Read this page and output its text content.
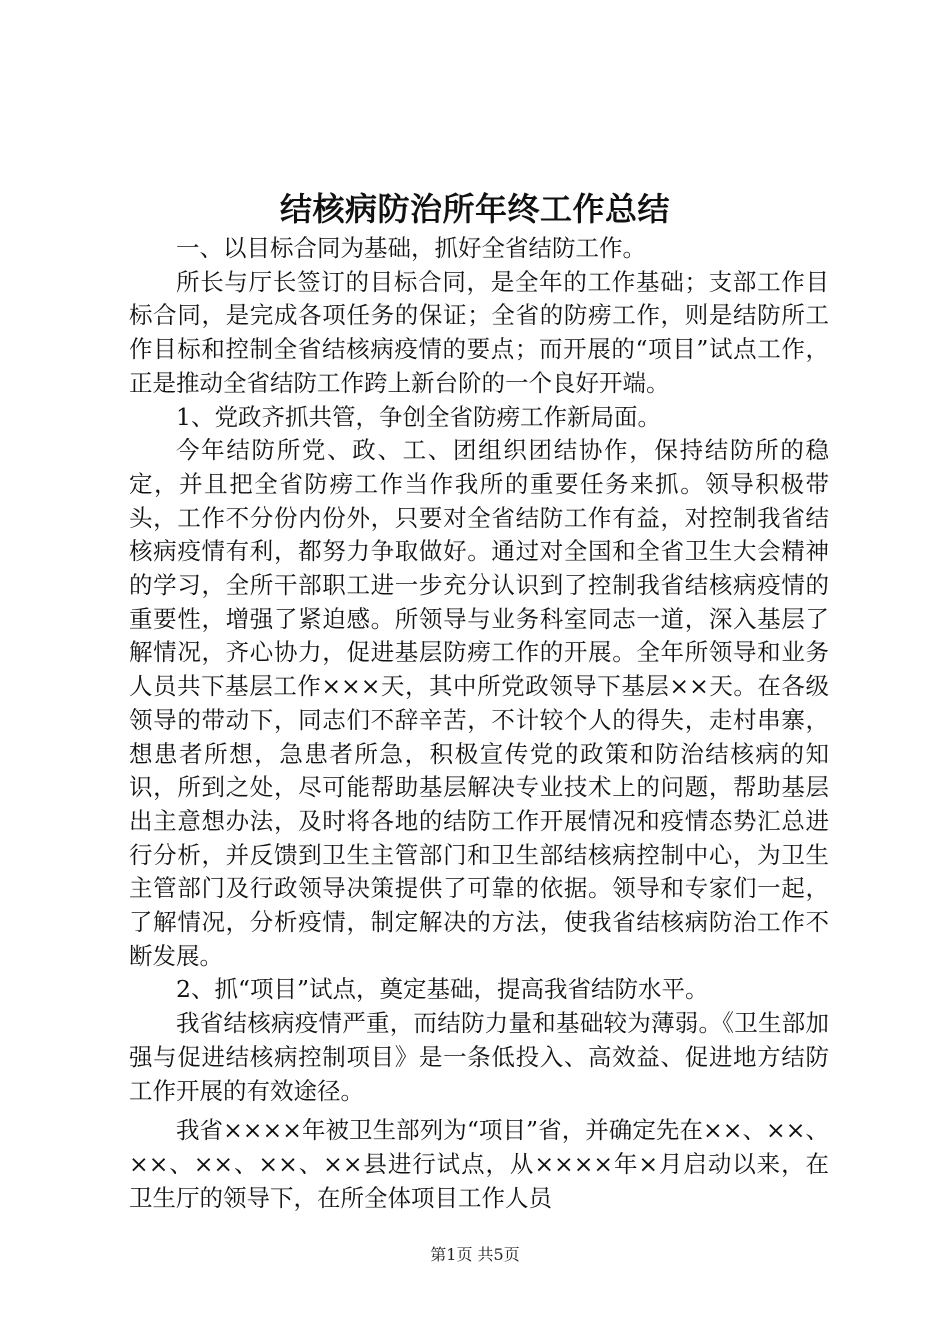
结核病防治所年终工作总结

一、以目标合同为基础，抓好全省结防工作。

所长与厅长签订的目标合同，是全年的工作基础；支部工作目标合同，是完成各项任务的保证；全省的防痨工作，则是结防所工作目标和控制全省结核病疫情的要点；而开展的“项目”试点工作，正是推动全省结防工作跨上新台阶的一个良好开端。

1、党政齐抓共管，争创全省防痨工作新局面。

今年结防所党、政、工、团组织团结协作，保持结防所的稳定，并且把全省防痨工作当作我所的重要任务来抓。领导积极带头，工作不分份内份外，只要对全省结防工作有益，对控制我省结核病疫情有利，都努力争取做好。通过对全国和全省卫生大会精神的学习，全所干部职工进一步充分认识到了控制我省结核病疫情的重要性，增强了紧迫感。所领导与业务科室同志一道，深入基层了解情况，齐心协力，促进基层防痨工作的开展。全年所领导和业务人员共下基层工作×××天，其中所党政领导下基层××天。在各级领导的带动下，同志们不辞辛苦，不计较个人的得失，走村串寨，想患者所想，急患者所急，积极宣传党的政策和防治结核病的知识，所到之处，尽可能帮助基层解决专业技术上的问题，帮助基层出主意想办法，及时将各地的结防工作开展情况和疫情态势汇总进行分析，并反馈到卫生主管部门和卫生部结核病控制中心，为卫生主管部门及行政领导决策提供了可靠的依据。领导和专家们一起，了解情况，分析疫情，制定解决的方法，使我省结核病防治工作不断发展。

2、抓“项目”试点，奠定基础，提高我省结防水平。

我省结核病疫情严重，而结防力量和基础较为薄弱。《卫生部加强与促进结核病控制项目》是一条低投入、高效益、促进地方结防工作开展的有效途径。

我省××××年被卫生部列为“项目”省，并确定先在××、××、××、××、××、××县进行试点，从××××年×月启动以来，在卫生厅的领导下，在所全体项目工作人员

第1页 共5页
